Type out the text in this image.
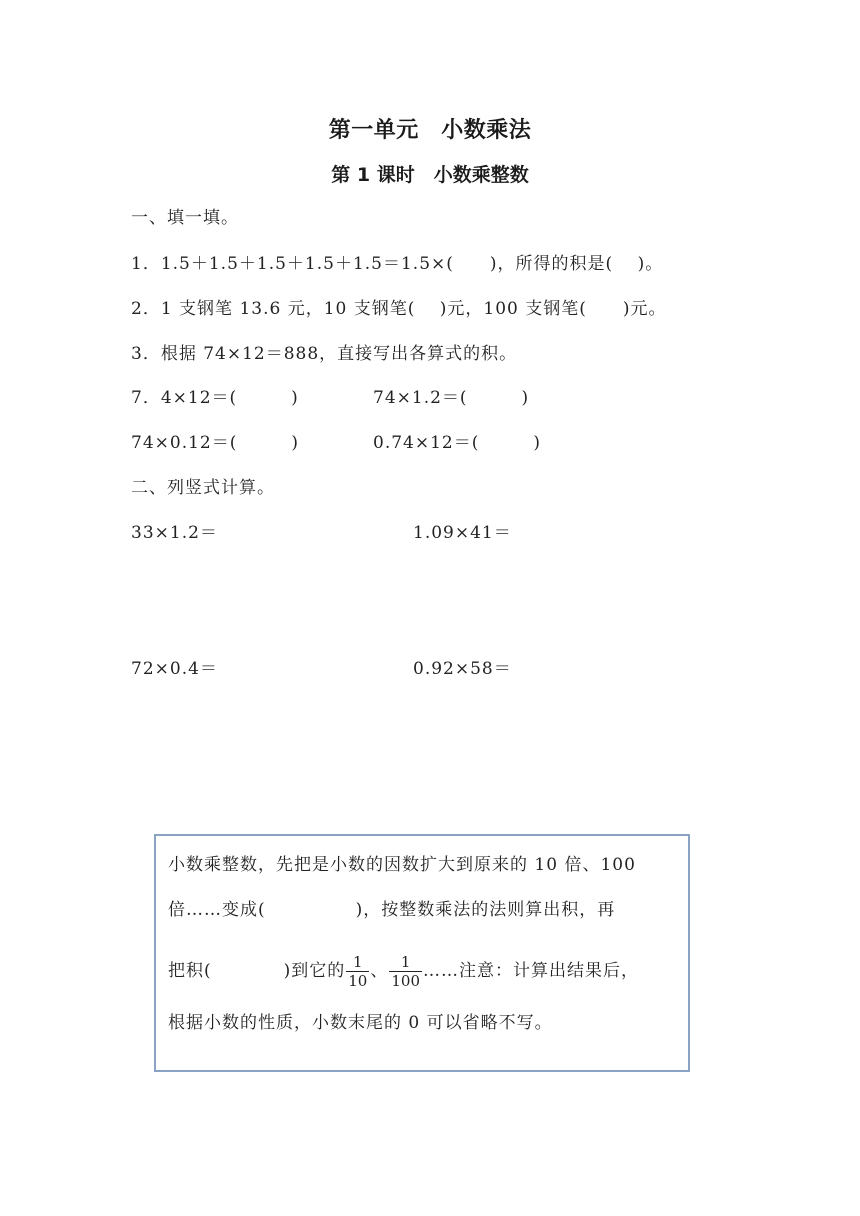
第一单元　小数乘法
第 1 课时　小数乘整数
一、填一填。
1．1.5＋1.5＋1.5＋1.5＋1.5＝1.5×(　　)，所得的积是(　 )。
2．1 支钢笔 13.6 元，10 支钢笔(　 )元，100 支钢笔(　　)元。
3．根据 74×12＝888，直接写出各算式的积。
7．4×12＝(　　　)	74×1.2＝(　　　)
74×0.12＝(　　　)	0.74×12＝(　　　)
二、列竖式计算。
33×1.2＝	1.09×41＝
72×0.4＝	0.92×58＝
小数乘整数，先把是小数的因数扩大到原来的 10 倍、100
倍……变成(　　　　　)，按整数乘法的法则算出积，再
把积(　　　　)到它的 $\frac{1}{10}$ 、 $\frac{1}{100}$ ……注意：计算出结果后，
根据小数的性质，小数末尾的 0 可以省略不写。
